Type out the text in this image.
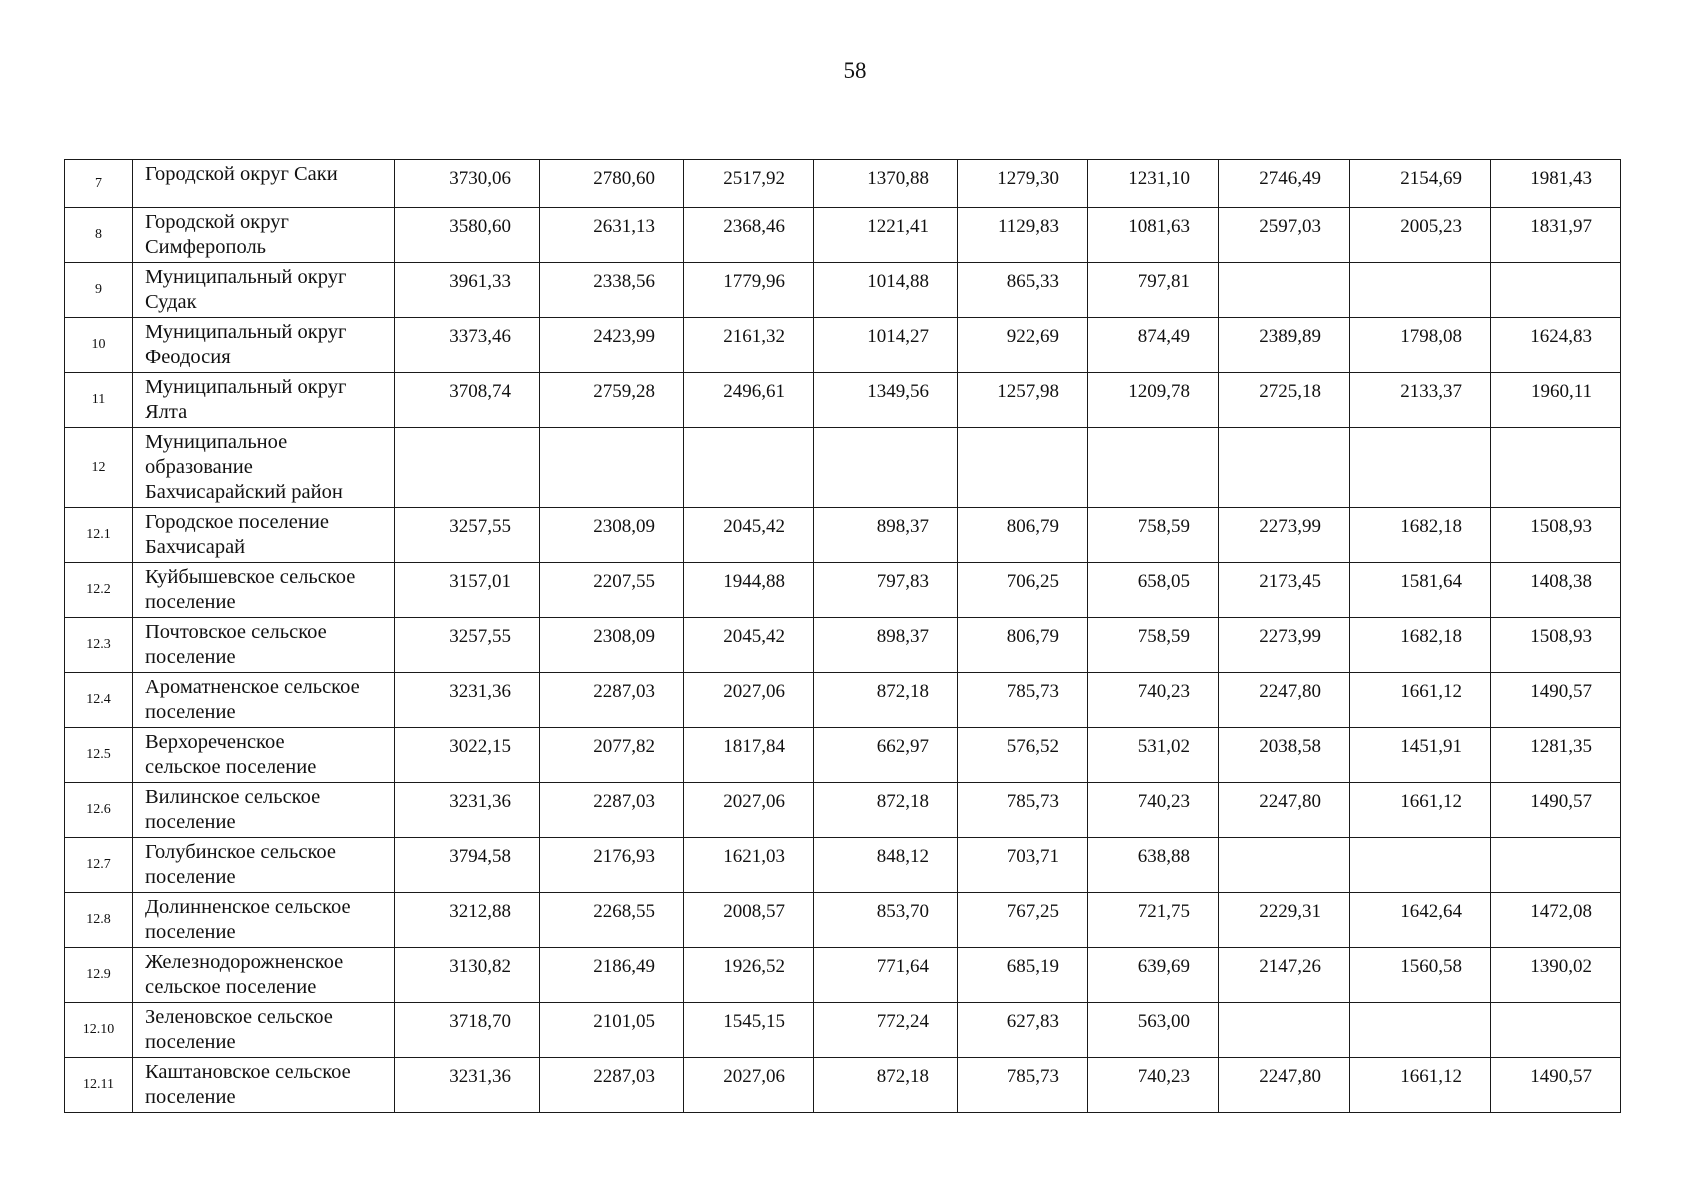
58
7	Городской округ Саки	3730,06	2780,60	2517,92	1370,88	1279,30	1231,10	2746,49	2154,69	1981,43
8	Городской округ
Симферополь	3580,60	2631,13	2368,46	1221,41	1129,83	1081,63	2597,03	2005,23	1831,97
9	Муниципальный округ
Судак	3961,33	2338,56	1779,96	1014,88	865,33	797,81			
10	Муниципальный округ
Феодосия	3373,46	2423,99	2161,32	1014,27	922,69	874,49	2389,89	1798,08	1624,83
11	Муниципальный округ
Ялта	3708,74	2759,28	2496,61	1349,56	1257,98	1209,78	2725,18	2133,37	1960,11
12	Муниципальное
образование
Бахчисарайский район									
12.1	Городское поселение
Бахчисарай	3257,55	2308,09	2045,42	898,37	806,79	758,59	2273,99	1682,18	1508,93
12.2	Куйбышевское сельское
поселение	3157,01	2207,55	1944,88	797,83	706,25	658,05	2173,45	1581,64	1408,38
12.3	Почтовское сельское
поселение	3257,55	2308,09	2045,42	898,37	806,79	758,59	2273,99	1682,18	1508,93
12.4	Ароматненское сельское
поселение	3231,36	2287,03	2027,06	872,18	785,73	740,23	2247,80	1661,12	1490,57
12.5	Верхореченское
сельское поселение	3022,15	2077,82	1817,84	662,97	576,52	531,02	2038,58	1451,91	1281,35
12.6	Вилинское сельское
поселение	3231,36	2287,03	2027,06	872,18	785,73	740,23	2247,80	1661,12	1490,57
12.7	Голубинское сельское
поселение	3794,58	2176,93	1621,03	848,12	703,71	638,88			
12.8	Долинненское сельское
поселение	3212,88	2268,55	2008,57	853,70	767,25	721,75	2229,31	1642,64	1472,08
12.9	Железнодорожненское
сельское поселение	3130,82	2186,49	1926,52	771,64	685,19	639,69	2147,26	1560,58	1390,02
12.10	Зеленовское сельское
поселение	3718,70	2101,05	1545,15	772,24	627,83	563,00			
12.11	Каштановское сельское
поселение	3231,36	2287,03	2027,06	872,18	785,73	740,23	2247,80	1661,12	1490,57
